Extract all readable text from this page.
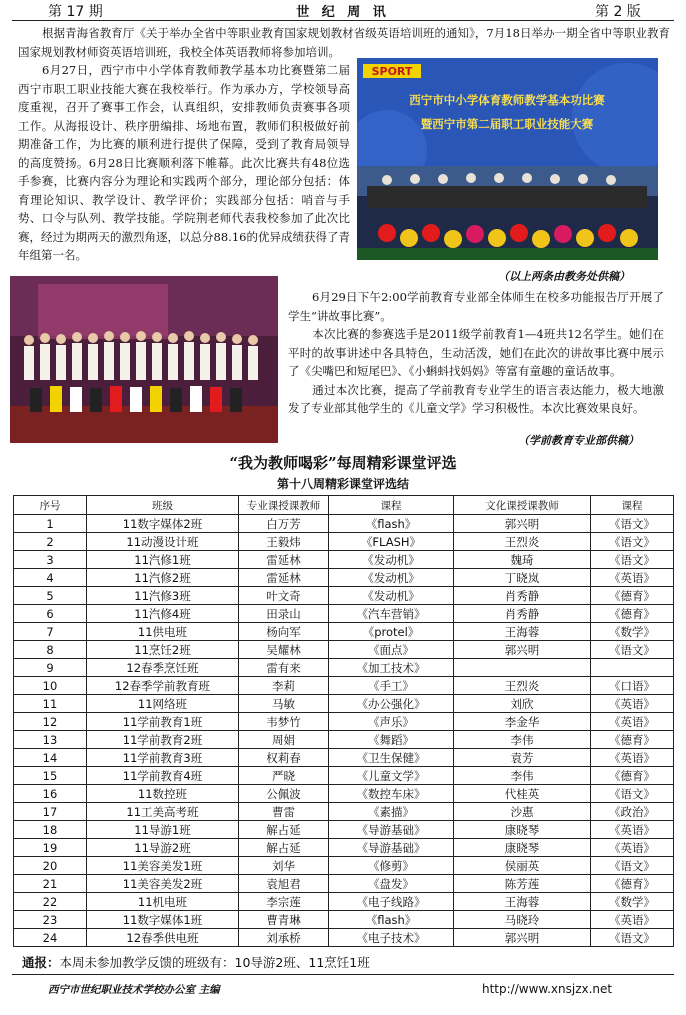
第 17 期	世 纪 周 讯	第 2 版
根据青海省教育厅《关于举办全省中等职业教育国家规划教材省级英语培训班的通知》，7月18日举办一期全省中等职业教育国家规划教材师资英语培训班，我校全体英语教师将参加培训。
6月27日，西宁市中小学体育教师教学基本功比赛暨第二届西宁市职工职业技能大赛在我校举行。作为承办方，学校领导高度重视，召开了赛事工作会，认真组织，安排教师负责赛事各项工作。从海报设计、秩序册编排、场地布置，教师们积极做好前期准备工作，为比赛的顺利进行提供了保障，受到了教育局领导的高度赞扬。6月28日比赛顺利落下帷幕。此次比赛共有48位选手参赛，比赛内容分为理论和实践两个部分，理论部分包括：体育理论知识、教学设计、教学评价；实践部分包括：哨音与手势、口令与队列、教学技能。学院荆老师代表我校参加了此次比赛，经过为期两天的激烈角逐，以总分88.16的优异成绩获得了青年组第一名。
SPORT
西宁市中小学体育教师教学基本功比赛
暨西宁市第二届职工职业技能大赛
（以上两条由教务处供稿）
6月29日下午2:00学前教育专业部全体师生在校多功能报告厅开展了学生“讲故事比赛”。
本次比赛的参赛选手是2011级学前教育1—4班共12名学生。她们在平时的故事讲述中各具特色，生动活泼，她们在此次的讲故事比赛中展示了《尖嘴巴和短尾巴》、《小蝌蚪找妈妈》等富有童趣的童话故事。
通过本次比赛，提高了学前教育专业学生的语言表达能力，极大地激发了专业部其他学生的《儿童文学》学习积极性。本次比赛效果良好。
（学前教育专业部供稿）
“我为教师喝彩”每周精彩课堂评选
第十八周精彩课堂评选结
序号	班级	专业课授课教师	课程	文化课授课教师	课程
1	11数字媒体2班	白万芳	《flash》	郭兴明	《语文》
2	11动漫设计班	王毅炜	《FLASH》	王烈炎	《语文》
3	11汽修1班	雷延林	《发动机》	魏琦	《语文》
4	11汽修2班	雷延林	《发动机》	丁晓岚	《英语》
5	11汽修3班	叶文奇	《发动机》	肖秀静	《德育》
6	11汽修4班	田录山	《汽车营销》	肖秀静	《德育》
7	11供电班	杨向军	《protel》	王海蓉	《数学》
8	11烹饪2班	吴耀林	《面点》	郭兴明	《语文》
9	12春季烹饪班	雷有来	《加工技术》		
10	12春季学前教育班	李莉	《手工》	王烈炎	《口语》
11	11网络班	马敏	《办公强化》	刘欣	《英语》
12	11学前教育1班	韦梦竹	《声乐》	李金华	《英语》
13	11学前教育2班	周娟	《舞蹈》	李伟	《德育》
14	11学前教育3班	权莉春	《卫生保健》	袁芳	《英语》
15	11学前教育4班	严晓	《儿童文学》	李伟	《德育》
16	11数控班	公佩波	《数控车床》	代桂英	《语文》
17	11工美高考班	曹雷	《素描》	沙惠	《政治》
18	11导游1班	解占延	《导游基础》	康晓琴	《英语》
19	11导游2班	解占延	《导游基础》	康晓琴	《英语》
20	11美容美发1班	刘华	《修剪》	侯丽英	《语文》
21	11美容美发2班	袁旭君	《盘发》	陈芳莲	《德育》
22	11机电班	李宗莲	《电子线路》	王海蓉	《数学》
23	11数字媒体1班	曹青琳	《flash》	马晓玲	《英语》
24	12春季供电班	刘承桥	《电子技术》	郭兴明	《语文》
通报：本周未参加教学反馈的班级有：10导游2班、11烹饪1班
西宁市世纪职业技术学校办公室 主编	http://www.xnsjzx.net
